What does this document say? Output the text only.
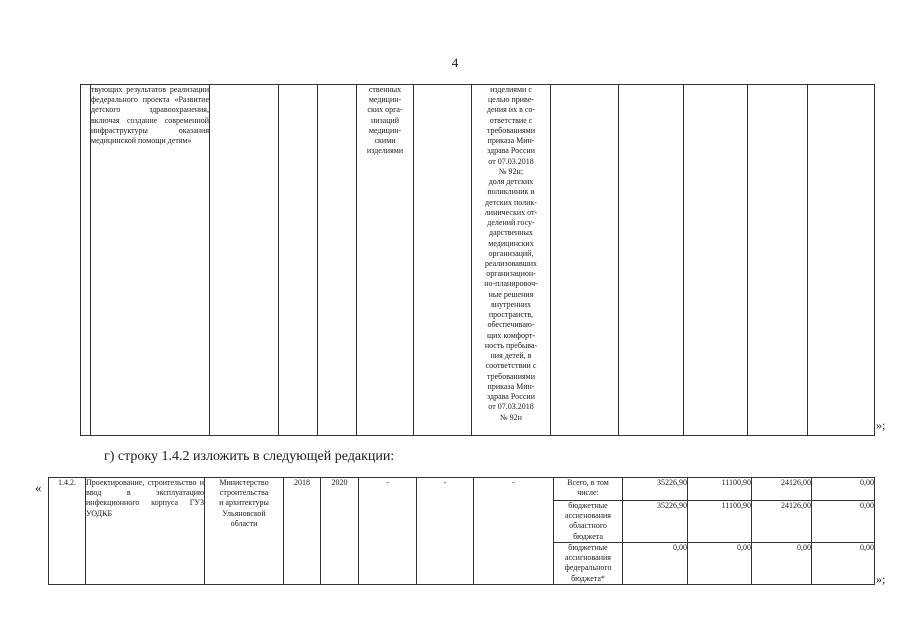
4
	твующих результатов реализации федерального проекта «Развитие детского здравоохранения, включая создание современной инфраструктуры оказания медицинской помощи детям»				ственных
медицин-
ских орга-
низаций
медицин-
скими
изделиями		изделиями с
целью приве-
дения их в со-
ответствие с
требованиями
приказа Мин-
здрава России
от 07.03.2018
№ 92н;
доля детских
поликлиник и
детских полик-
линических от-
делений госу-
дарственных
медицинских
организаций,
реализовавших
организацион-
но-планировоч-
ные решения
внутренних
пространств,
обеспечиваю-
щих комфорт-
ность пребыва-
ния детей, в
соответствии с
требованиями
приказа Мин-
здрава России
от 07.03.2018
№ 92н					
»;
г) строку 1.4.2 изложить в следующей редакции:
« 1.4.2.	Проектирование, строительство и ввод в эксплуатацию инфекционного корпуса ГУЗ УОДКБ	Министерство
строительства
и архитектуры
Ульяновской
области	2018	2020	-	-	-	Всего, в том
числе:	35226,90	11100,90	24126,00	0,00
								бюджетные
ассигнования
областного
бюджета	35226,90	11100,90	24126,00	0,00
								бюджетные
ассигнования
федерального
бюджета*	0,00	0,00	0,00	0,00
»;
